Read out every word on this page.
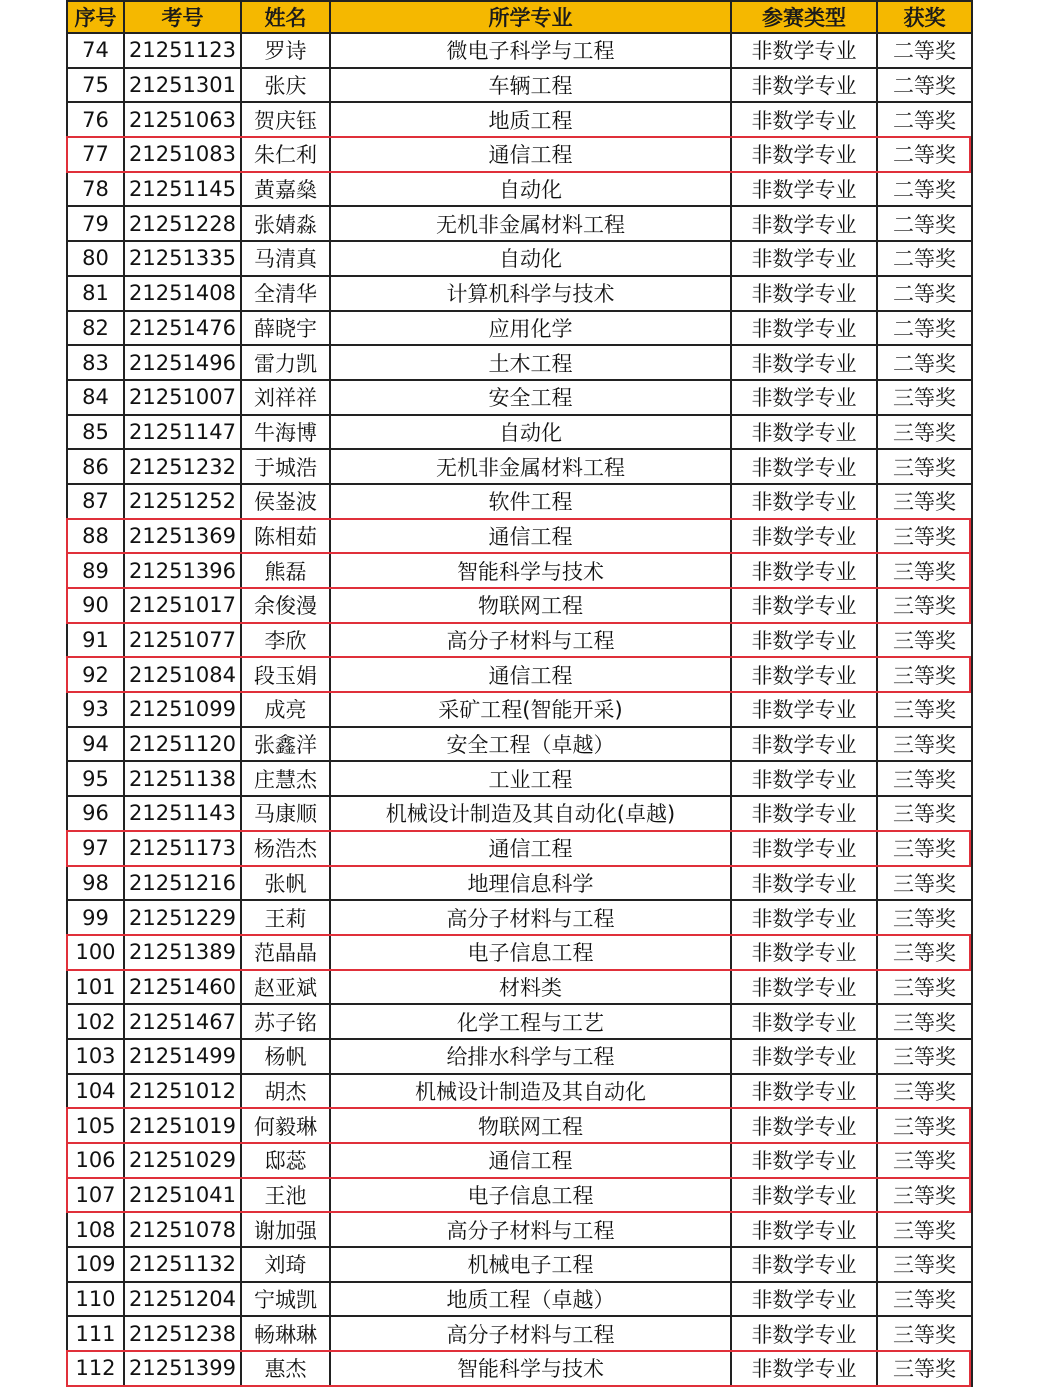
序号	考号	姓名	所学专业	参赛类型	获奖
74	21251123	罗诗	微电子科学与工程	非数学专业	二等奖
75	21251301	张庆	车辆工程	非数学专业	二等奖
76	21251063	贺庆钰	地质工程	非数学专业	二等奖
77	21251083	朱仁利	通信工程	非数学专业	二等奖
78	21251145	黄嘉燊	自动化	非数学专业	二等奖
79	21251228	张婧淼	无机非金属材料工程	非数学专业	二等奖
80	21251335	马清真	自动化	非数学专业	二等奖
81	21251408	全清华	计算机科学与技术	非数学专业	二等奖
82	21251476	薛晓宇	应用化学	非数学专业	二等奖
83	21251496	雷力凯	土木工程	非数学专业	二等奖
84	21251007	刘祥祥	安全工程	非数学专业	三等奖
85	21251147	牛海博	自动化	非数学专业	三等奖
86	21251232	于城浩	无机非金属材料工程	非数学专业	三等奖
87	21251252	侯崟波	软件工程	非数学专业	三等奖
88	21251369	陈相茹	通信工程	非数学专业	三等奖
89	21251396	熊磊	智能科学与技术	非数学专业	三等奖
90	21251017	余俊漫	物联网工程	非数学专业	三等奖
91	21251077	李欣	高分子材料与工程	非数学专业	三等奖
92	21251084	段玉娟	通信工程	非数学专业	三等奖
93	21251099	成亮	采矿工程(智能开采)	非数学专业	三等奖
94	21251120	张鑫洋	安全工程（卓越）	非数学专业	三等奖
95	21251138	庄慧杰	工业工程	非数学专业	三等奖
96	21251143	马康顺	机械设计制造及其自动化(卓越)	非数学专业	三等奖
97	21251173	杨浩杰	通信工程	非数学专业	三等奖
98	21251216	张帆	地理信息科学	非数学专业	三等奖
99	21251229	王莉	高分子材料与工程	非数学专业	三等奖
100	21251389	范晶晶	电子信息工程	非数学专业	三等奖
101	21251460	赵亚斌	材料类	非数学专业	三等奖
102	21251467	苏子铭	化学工程与工艺	非数学专业	三等奖
103	21251499	杨帆	给排水科学与工程	非数学专业	三等奖
104	21251012	胡杰	机械设计制造及其自动化	非数学专业	三等奖
105	21251019	何毅琳	物联网工程	非数学专业	三等奖
106	21251029	邸蕊	通信工程	非数学专业	三等奖
107	21251041	王池	电子信息工程	非数学专业	三等奖
108	21251078	谢加强	高分子材料与工程	非数学专业	三等奖
109	21251132	刘琦	机械电子工程	非数学专业	三等奖
110	21251204	宁城凯	地质工程（卓越）	非数学专业	三等奖
111	21251238	畅琳琳	高分子材料与工程	非数学专业	三等奖
112	21251399	惠杰	智能科学与技术	非数学专业	三等奖
